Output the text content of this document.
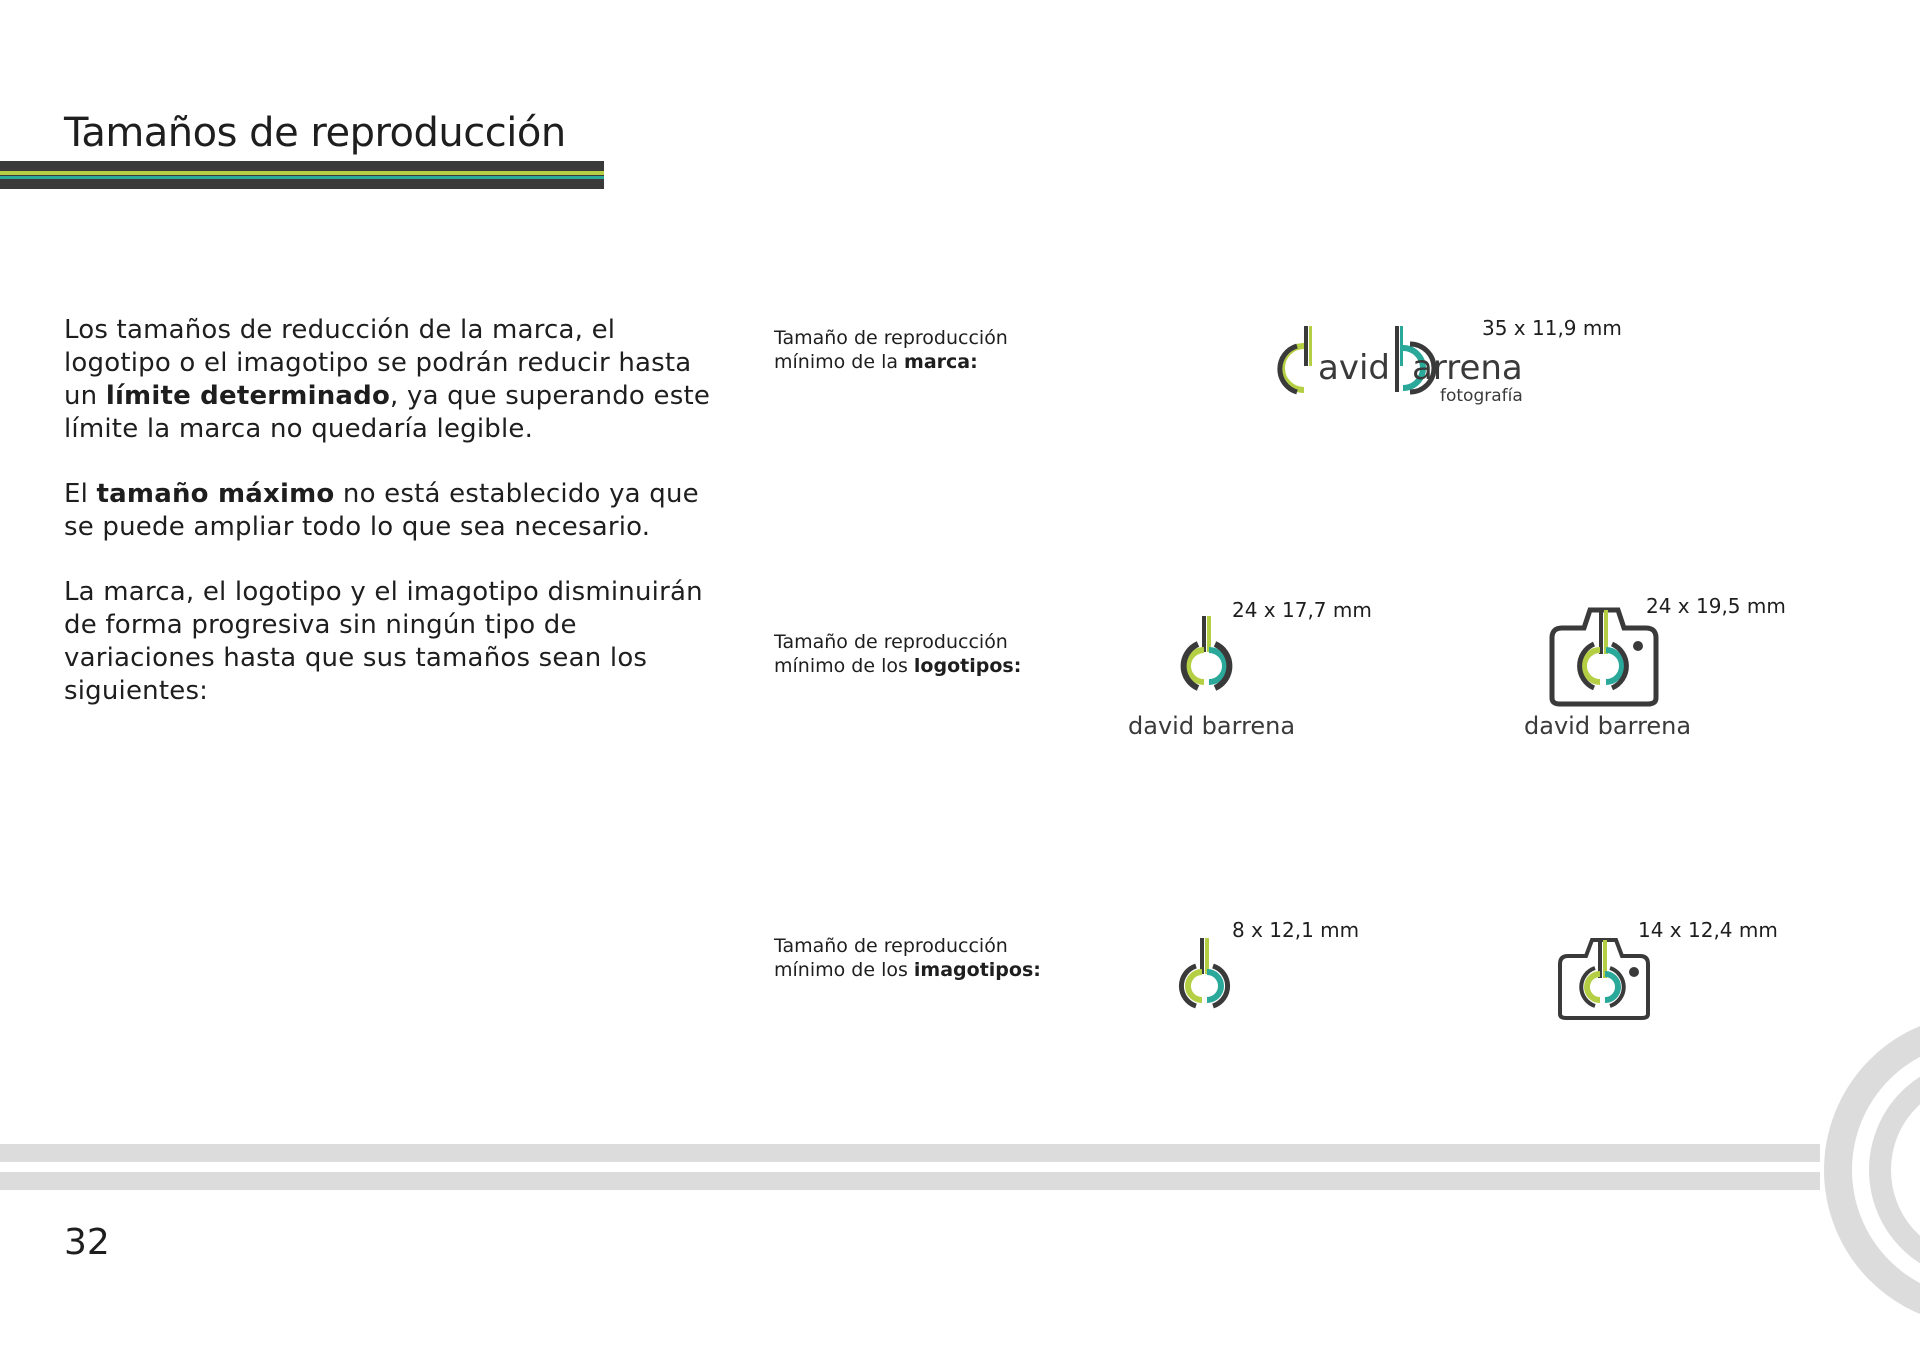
Tamaños de reproducción

Los tamaños de reducción de la marca, el logotipo o el imagotipo se podrán reducir hasta un límite determinado, ya que superando este límite la marca no quedaría legible.

El tamaño máximo no está establecido ya que se puede ampliar todo lo que sea necesario.

La marca, el logotipo y el imagotipo disminuirán de forma progresiva sin ningún tipo de variaciones hasta que sus tamaños sean los siguientes:

Tamaño de reproducción
mínimo de la marca:
35 x 11,9 mm
avid arrena
fotografía
Tamaño de reproducción
mínimo de los logotipos:
24 x 17,7 mm	24 x 19,5 mm
david barrena	david barrena
Tamaño de reproducción
mínimo de los imagotipos:
8 x 12,1 mm	14 x 12,4 mm
32
